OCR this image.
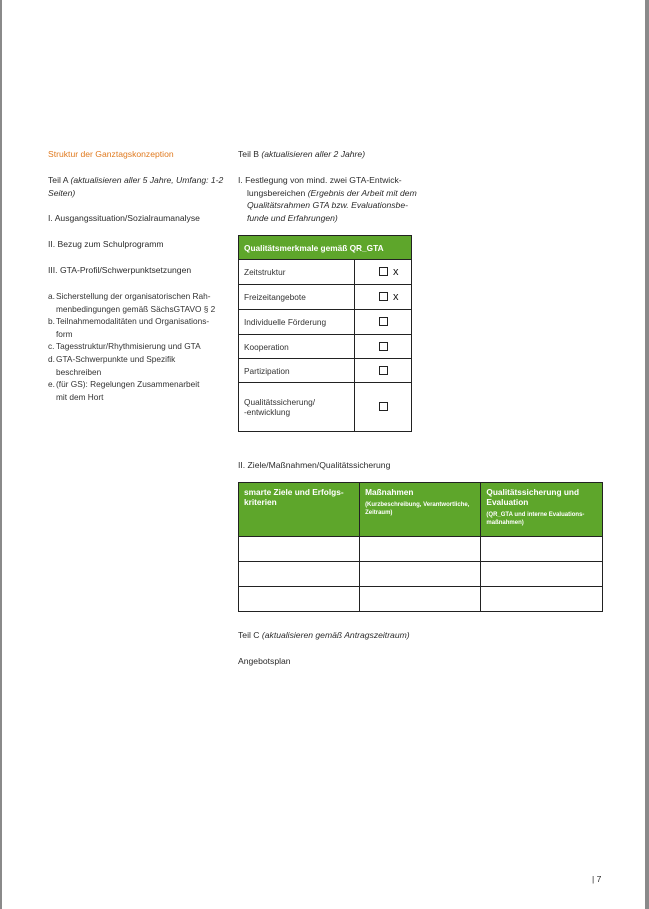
Struktur der Ganztagskonzeption
Teil A (aktualisieren aller 5 Jahre, Umfang: 1-2
Seiten)
I. Ausgangssituation/Sozialraumanalyse
II. Bezug zum Schulprogramm
III. GTA-Profil/Schwerpunktsetzungen
a. Sicherstellung der organisatorischen Rah-
menbedingungen gemäß SächsGTAVO § 2
b. Teilnahmemodalitäten und Organisations-
form
c. Tagesstruktur/Rhythmisierung und GTA
d. GTA-Schwerpunkte und Spezifik
beschreiben
e. (für GS): Regelungen Zusammenarbeit
mit dem Hort
Teil B (aktualisieren aller 2 Jahre)
I. Festlegung von mind. zwei GTA-Entwick-
lungsbereichen (Ergebnis der Arbeit mit dem
Qualitätsrahmen GTA bzw. Evaluationsbe-
funde und Erfahrungen)
Qualitätsmerkmale gemäß QR_GTA	
Zeitstruktur	x

Freizeitangebote	x

Individuelle Förderung	

Kooperation	

Partizipation	

Qualitätssicherung/
-entwicklung	
II. Ziele/Maßnahmen/Qualitätssicherung
smarte Ziele und Erfolgs-
kriterien	Maßnahmen
(Kurzbeschreibung, Verantwortliche, Zeitraum)	Qualitätssicherung und
Evaluation
(QR_GTA und interne Evaluations-maßnahmen)

Teil C (aktualisieren gemäß Antragszeitraum)
Angebotsplan
| 7
